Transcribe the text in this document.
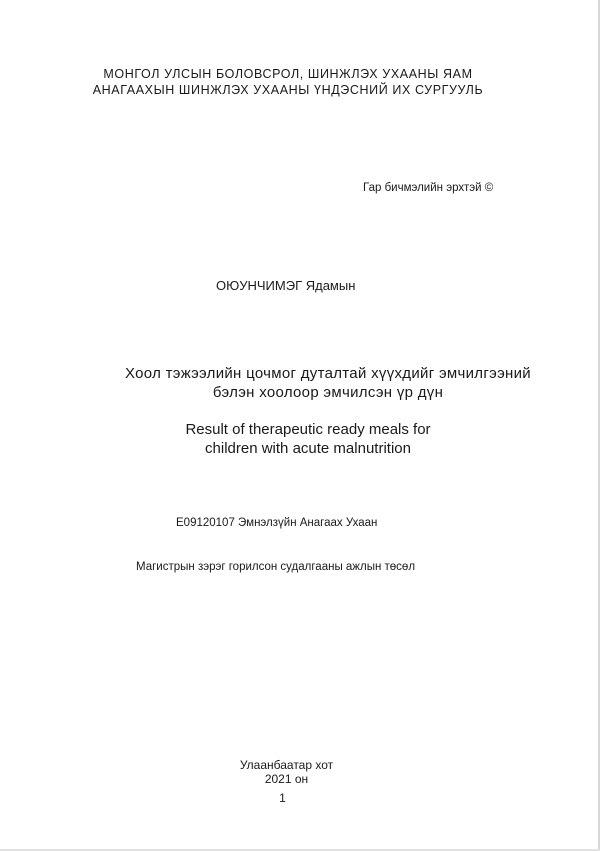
МОНГОЛ УЛСЫН БОЛОВСРОЛ, ШИНЖЛЭХ УХААНЫ ЯАМ
АНАГААХЫН ШИНЖЛЭХ УХААНЫ ҮНДЭСНИЙ ИХ СУРГУУЛЬ
Гар бичмэлийн эрхтэй ©
ОЮУНЧИМЭГ Ядамын
Хоол тэжээлийн цочмог дуталтай хүүхдийг эмчилгээний
бэлэн хоолоор эмчилсэн үр дүн
Result of therapeutic ready meals for
children with acute malnutrition
E09120107 Эмнэлзүйн Анагаах Ухаан
Магистрын зэрэг горилсон судалгааны ажлын төсөл
Улаанбаатар хот
2021 он
1
